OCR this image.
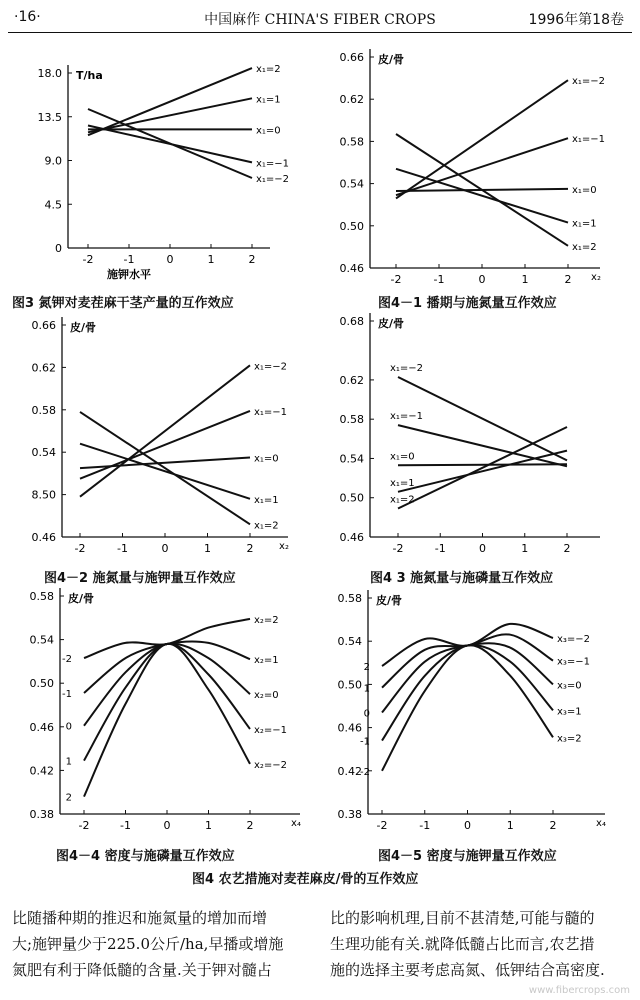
·16·	中国麻作 CHINA'S FIBER CROPS	1996年第18卷
0
4.5
9.0
13.5
18.0
-2	-1	0	1	2
T/ha
施钾水平
x₁=2
x₁=1
x₁=0
x₁=−1
x₁=−2
0.46
0.50
0.54
0.58
0.62
0.66
-2	-1	0	1	2
皮/骨
x₂
x₁=−2
x₁=−1
x₁=0
x₁=1
x₁=2
0.46
8.50
0.54
0.58
0.62
0.66
-2	-1	0	1	2
皮/骨
x₂
x₁=−2
x₁=−1
x₁=0
x₁=1
x₁=2
0.46
0.50
0.54
0.58
0.62
0.68
-2	-1	0	1	2
皮/骨
x₁=−2
x₁=−1
x₁=0
x₁=1
x₁=2
0.38
0.42
0.46
0.50
0.54
0.58
-2	-1	0	1	2
皮/骨
x₄
x₂=2
x₂=1
x₂=0
x₂=−1
x₂=−2
-2
-1
0
1
2
0.38
0.42
0.46
0.50
0.54
0.58
-2	-1	0	1	2
皮/骨
x₄
x₃=−2
x₃=−1
x₃=0
x₃=1
x₃=2
2
1
0
-1
-2
图3 氮钾对麦茬麻干茎产量的互作效应	图4－1 播期与施氮量互作效应
图4－2 施氮量与施钾量互作效应	图4 3 施氮量与施磷量互作效应
图4－4 密度与施磷量互作效应	图4－5 密度与施钾量互作效应
图4 农艺措施对麦茬麻皮/骨的互作效应
比随播种期的推迟和施氮量的增加而增
大;施钾量少于225.0公斤/ha,早播或增施
氮肥有利于降低髓的含量.关于钾对髓占
比的影响机理,目前不甚清楚,可能与髓的
生理功能有关.就降低髓占比而言,农艺措
施的选择主要考虑高氮、低钾结合高密度.
www.fibercrops.com
